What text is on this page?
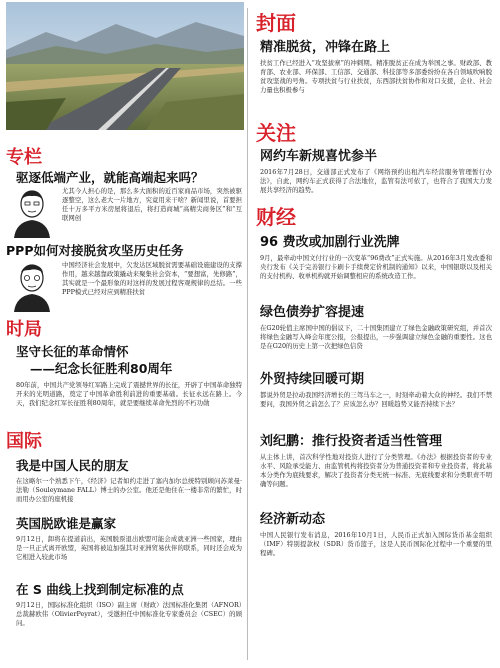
专栏
驱逐低端产业，就能高端起来吗？
尤其今人担心的是，那么多大面积的近百家商品市场，突然被驱逐整空，这么老大一片地方，究竟用来干啥？新闻里说，首要担任十万多平方米房屋将退后，将打造商城“高精尖商务区”和“互联网创
PPP如何对接脱贫攻坚历史任务
中国经济社会发展中，欠发达区域脱贫需要基础设施建设的支撑作用，越来越靠政策撬动来聚集社会资本，“要想富，先修路”，其实就是一个最形象的对这样的发展过程客观规律的总结。一些PPP模式已经对应到精准扶贫
时局
坚守长征的革命情怀
——纪念长征胜利80周年
80年前，中国共产党领导红军路上完成了震撼世界的长征，开辟了中国革命独特开来的光明道路，奠定了中国革命胜利前进的重要基础。长征永远在路上。今天，我们纪念红军长征胜利80周年，就是要继续革命先烈的不朽功勋
国际
我是中国人民的朋友
在这略尔一个熟悉下午，《经济》记者如约走进了塞内加尔总统特别顾问苏莱曼·法勒（Souleymane FALL）博士的办公室。他还是他住在一楼非常的繁忙，时而用办公室的座机接
英国脱欧谁是赢家
9月12日，卸将在提道前出，英国脱票退出欧盟可能会成就亚洲一些国家，理由是一旦正式离开欧盟，英国将被迫加强其对亚洲贸易伙伴的联系，同时还会成为它相进入较此市场
在 S 曲线上找到制定标准的点
9月12日，国际标准化组织（ISO）副主席（财政）法国标准化集团（AFNOR）总裁赫欧伟（OlivierPeyrat），受邀担任中国标准化专家委员会（CSEC）的顾问。
封面
精准脱贫，冲锋在路上
扶贫工作已经进入“攻坚拔寨”的冲刺期。精准脱贫正在成为举国之事。财政部、教育部、农业部、环保部、工信部、交通部、科技部等多部委纷纷在各自领域吹响脱贫攻坚战的号角。专项扶贫与行业扶贫，东西部扶贫协作和对口支援，企业、社会力量也积极参与
关注
网约车新规喜忧参半
2016年7月28日，交通部正式发布了《网络预约出租汽车经营服务管理暂行办法》，自此，网约车正式获得了合法地位，监管有法可依了，也符合了我国大力发展共享经济的趋势。
财经
96 费改或加剧行业洗牌
9月，最牵动中国文付行业的一次变革“96费改”正式实施。从2016年3月发改委和央行发布《关于完善银行卡刷卡手续费定价机制的通知》以来，中国银联以及相关的支付机构、收单机构就开始调整相应的系统改造工作。
绿色债券扩容提速
在G20轮值主席国中国的倡议下，二十国集团建立了绿色金融政策研究组，并首次将绿色金融写入峰会年度公报，公报提出，一步强调建立绿色金融的重要性。这也是在G20的历史上第一次把绿色信贷
外贸持续回暖可期
都说外贸是拉动我国经济增长的三驾马车之一，时刻牵动着大众的神经。我们不禁要问，我国外贸之前怎么了？应该怎么办？回暖趋势又能否持续下去？
刘纪鹏：推行投资者适当性管理
从主体上讲，首次科学性地对投资人进行了分类管理。《办法》根据投资者的专业水平、风险承受能力、由监管机构将投资者分为普通投资者和专业投资者，将此基本分类作为底线要求，解决了投资者分类无统一标准、无底线要求和分类职责不明确等问题。
经济新动态
中国人民银行发布消息，2016年10月1日，人民币正式加入国际货币基金组织（IMF）特别提款权（SDR）货币篮子，这是人民币国际化过程中一个重要的里程碑。
